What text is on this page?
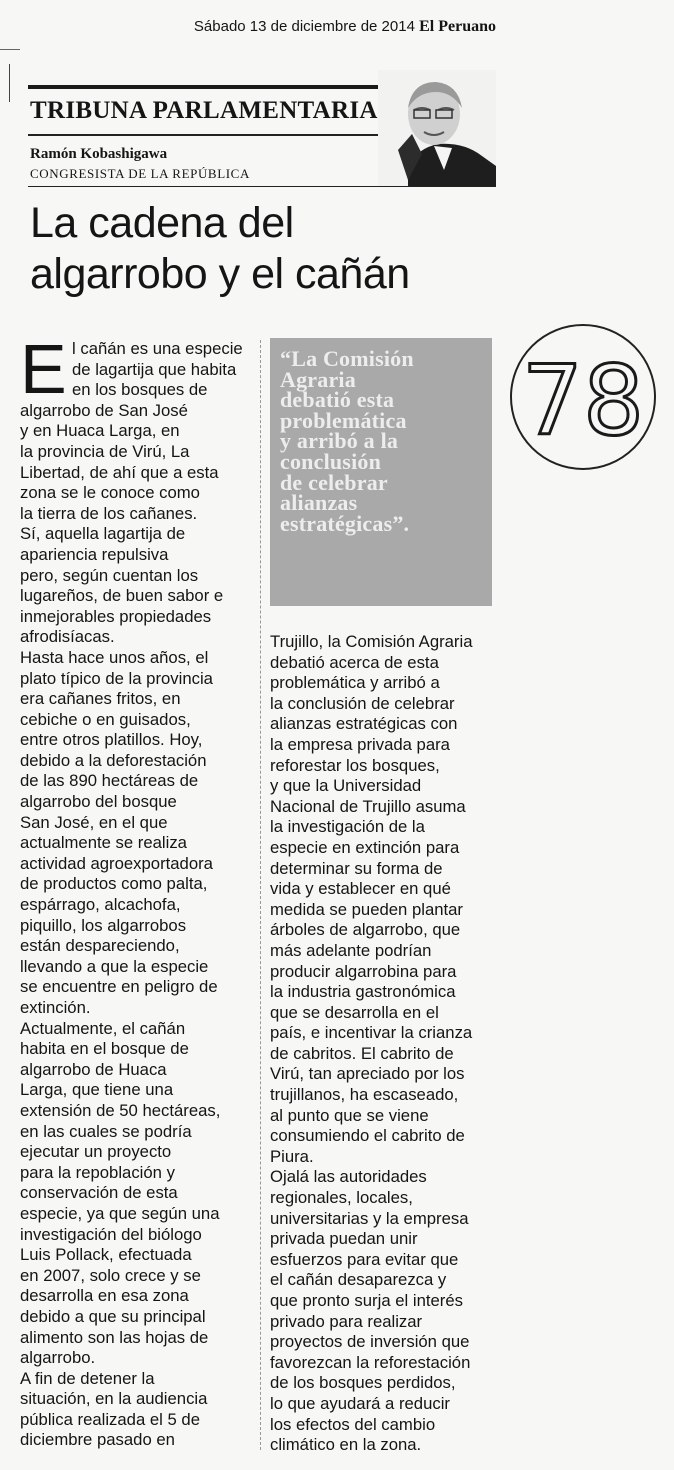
Sábado 13 de diciembre de 2014 El Peruano
TRIBUNA PARLAMENTARIA
Ramón Kobashigawa
CONGRESISTA DE LA REPÚBLICA
La cadena del
algarrobo y el cañán
E l cañán es una especie
de lagartija que habita
en los bosques de
algarrobo de San José
y en Huaca Larga, en
la provincia de Virú, La
Libertad, de ahí que a esta
zona se le conoce como
la tierra de los cañanes.
Sí, aquella lagartija de
apariencia repulsiva
pero, según cuentan los
lugareños, de buen sabor e
inmejorables propiedades
afrodisíacas.
Hasta hace unos años, el
plato típico de la provincia
era cañanes fritos, en
cebiche o en guisados,
entre otros platillos. Hoy,
debido a la deforestación
de las 890 hectáreas de
algarrobo del bosque
San José, en el que
actualmente se realiza
actividad agroexportadora
de productos como palta,
espárrago, alcachofa,
piquillo, los algarrobos
están despareciendo,
llevando a que la especie
se encuentre en peligro de
extinción.
Actualmente, el cañán
habita en el bosque de
algarrobo de Huaca
Larga, que tiene una
extensión de 50 hectáreas,
en las cuales se podría
ejecutar un proyecto
para la repoblación y
conservación de esta
especie, ya que según una
investigación del biólogo
Luis Pollack, efectuada
en 2007, solo crece y se
desarrolla en esa zona
debido a que su principal
alimento son las hojas de
algarrobo.
A fin de detener la
situación, en la audiencia
pública realizada el 5 de
diciembre pasado en
“La Comisión
Agraria
debatió esta
problemática
y arribó a la
conclusión
de celebrar
alianzas
estratégicas”.
Trujillo, la Comisión Agraria
debatió acerca de esta
problemática y arribó a
la conclusión de celebrar
alianzas estratégicas con
la empresa privada para
reforestar los bosques,
y que la Universidad
Nacional de Trujillo asuma
la investigación de la
especie en extinción para
determinar su forma de
vida y establecer en qué
medida se pueden plantar
árboles de algarrobo, que
más adelante podrían
producir algarrobina para
la industria gastronómica
que se desarrolla en el
país, e incentivar la crianza
de cabritos. El cabrito de
Virú, tan apreciado por los
trujillanos, ha escaseado,
al punto que se viene
consumiendo el cabrito de
Piura.
Ojalá las autoridades
regionales, locales,
universitarias y la empresa
privada puedan unir
esfuerzos para evitar que
el cañán desaparezca y
que pronto surja el interés
privado para realizar
proyectos de inversión que
favorezcan la reforestación
de los bosques perdidos,
lo que ayudará a reducir
los efectos del cambio
climático en la zona.
78
